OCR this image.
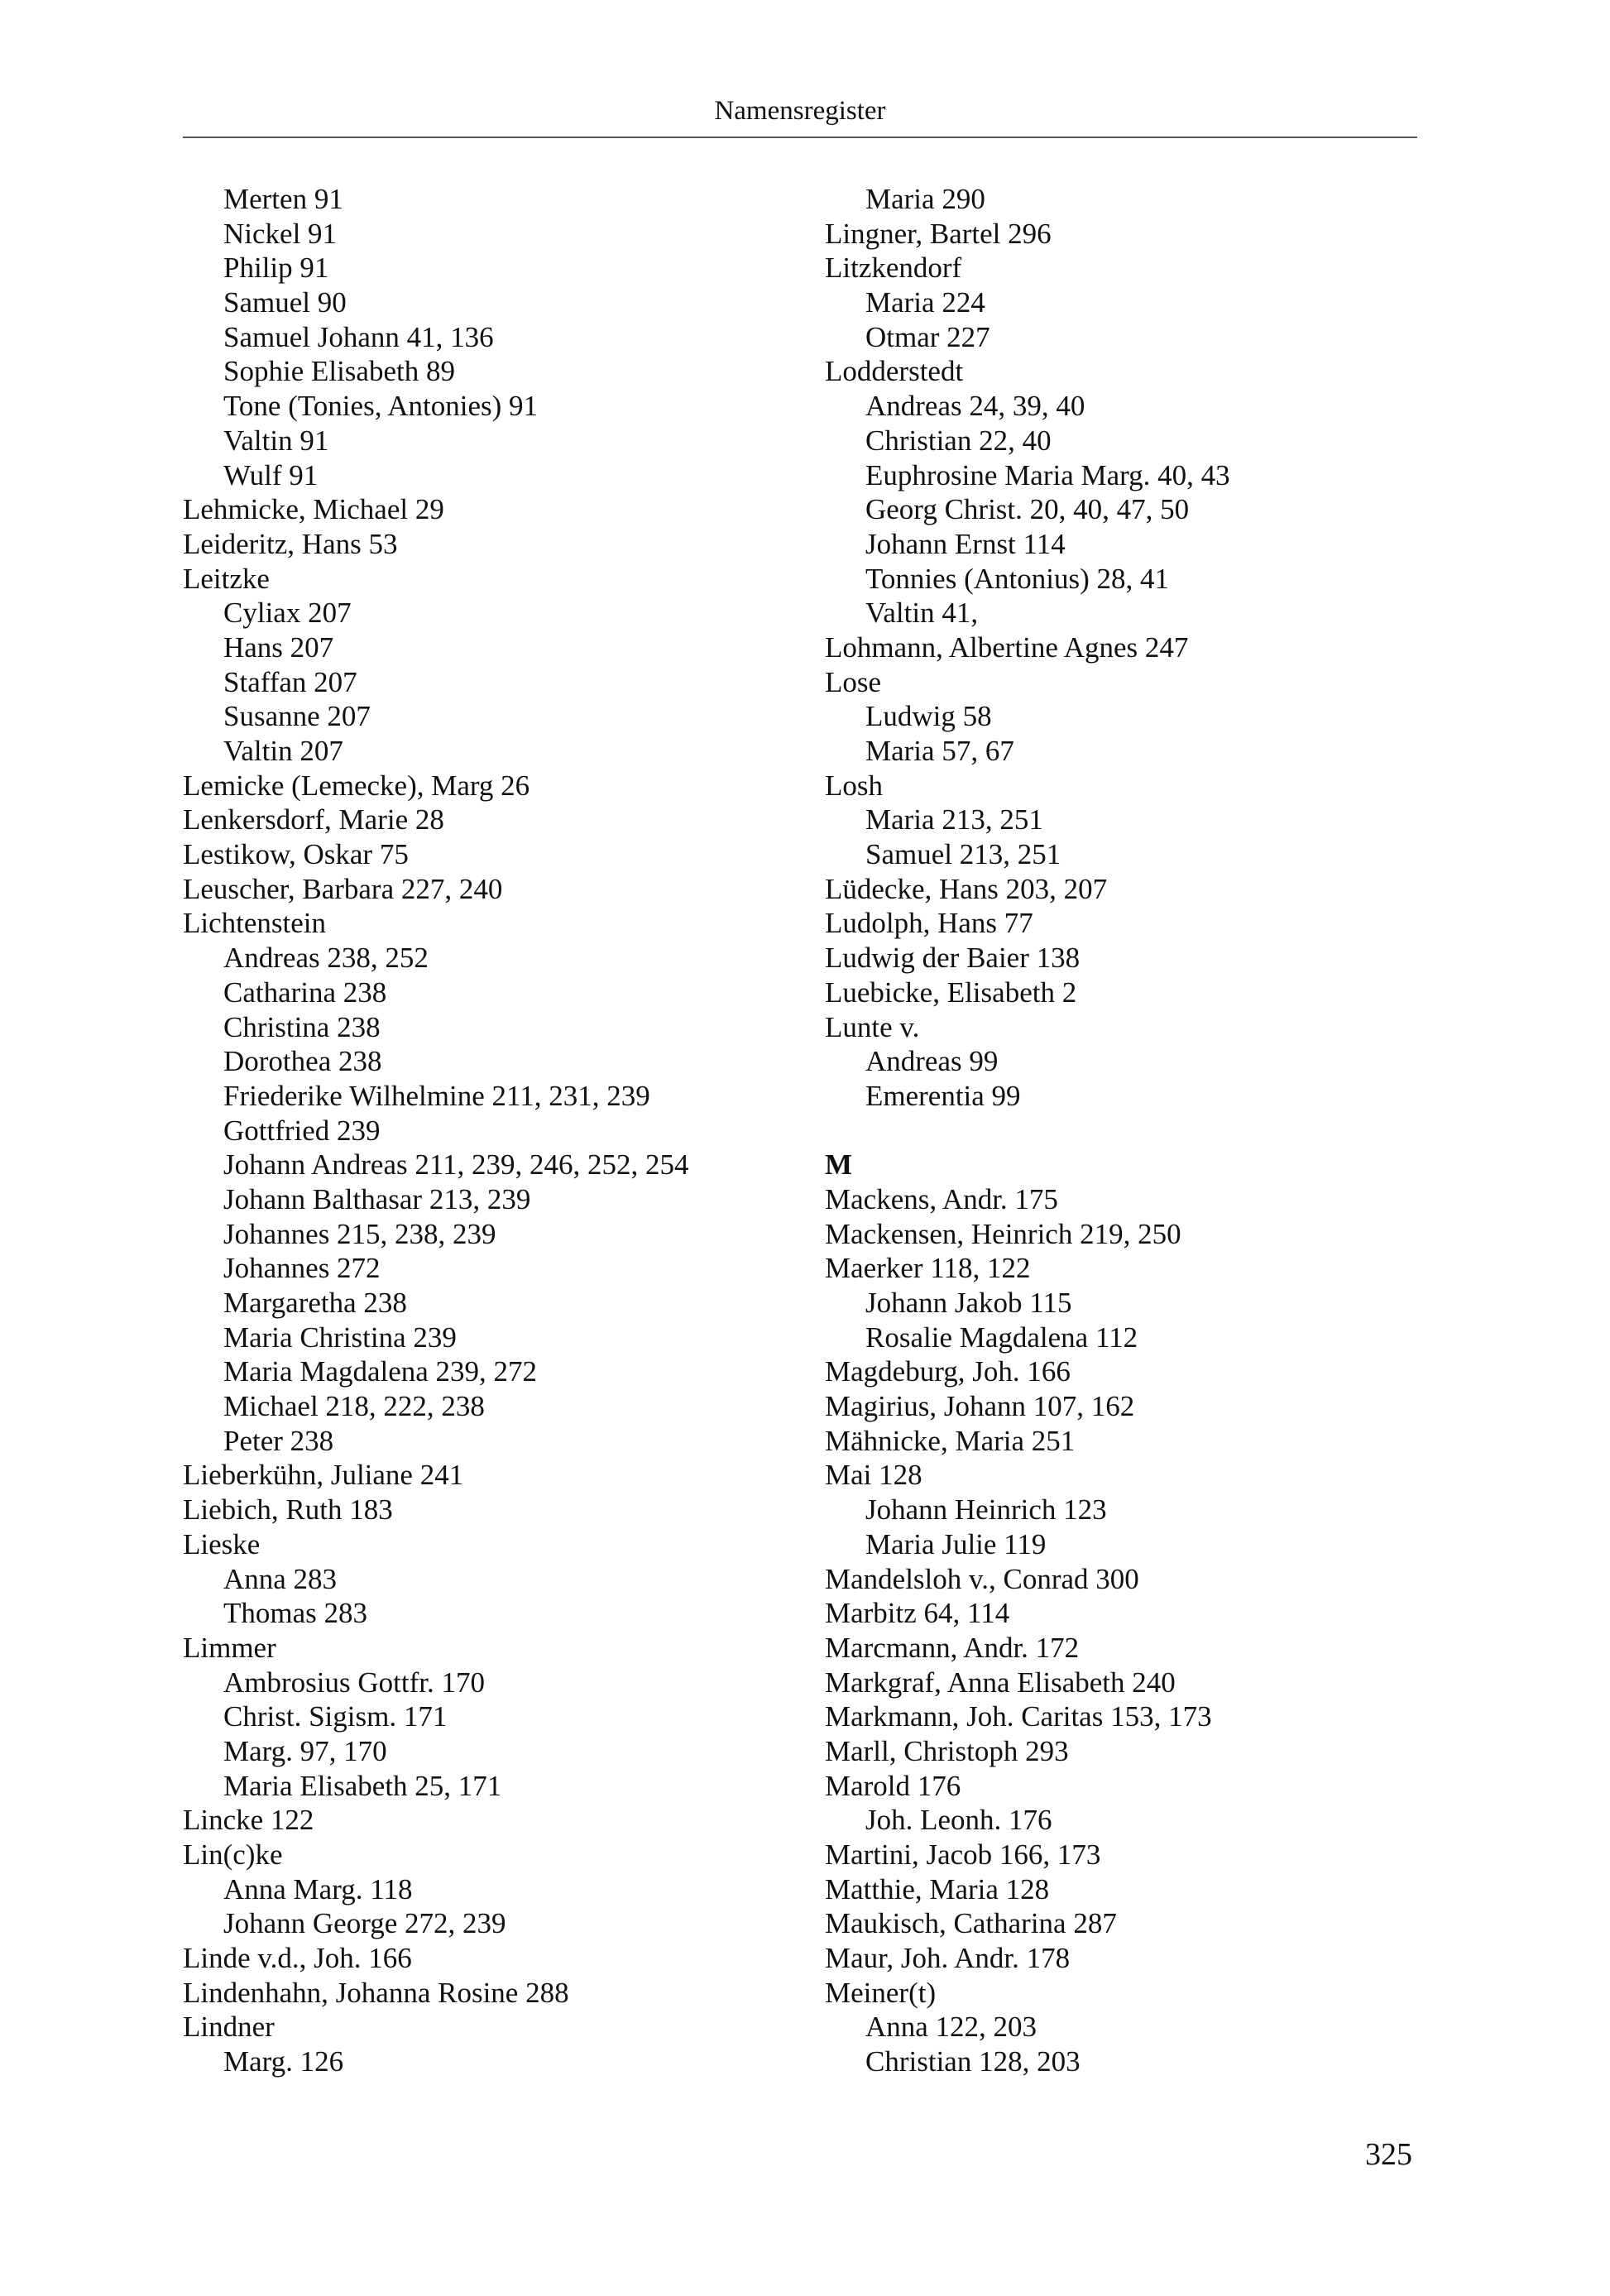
Namensregister
Merten 91
Nickel 91
Philip 91
Samuel 90
Samuel Johann 41, 136
Sophie Elisabeth 89
Tone (Tonies, Antonies) 91
Valtin 91
Wulf 91
Lehmicke, Michael 29
Leideritz, Hans 53
Leitzke
Cyliax 207
Hans 207
Staffan 207
Susanne 207
Valtin 207
Lemicke (Lemecke), Marg 26
Lenkersdorf, Marie 28
Lestikow, Oskar 75
Leuscher, Barbara 227, 240
Lichtenstein
Andreas 238, 252
Catharina 238
Christina 238
Dorothea 238
Friederike Wilhelmine 211, 231, 239
Gottfried 239
Johann Andreas 211, 239, 246, 252, 254
Johann Balthasar 213, 239
Johannes 215, 238, 239
Johannes 272
Margaretha 238
Maria Christina 239
Maria Magdalena 239, 272
Michael 218, 222, 238
Peter 238
Lieberkühn, Juliane 241
Liebich, Ruth 183
Lieske
Anna 283
Thomas 283
Limmer
Ambrosius Gottfr. 170
Christ. Sigism. 171
Marg. 97, 170
Maria Elisabeth 25, 171
Lincke 122
Lin(c)ke
Anna Marg. 118
Johann George 272, 239
Linde v.d., Joh. 166
Lindenhahn, Johanna Rosine 288
Lindner
Marg. 126
Maria 290
Lingner, Bartel 296
Litzkendorf
Maria 224
Otmar 227
Lodderstedt
Andreas 24, 39, 40
Christian 22, 40
Euphrosine Maria Marg. 40, 43
Georg Christ. 20, 40, 47, 50
Johann Ernst 114
Tonnies (Antonius) 28, 41
Valtin 41,
Lohmann, Albertine Agnes 247
Lose
Ludwig 58
Maria 57, 67
Losh
Maria 213, 251
Samuel 213, 251
Lüdecke, Hans 203, 207
Ludolph, Hans 77
Ludwig der Baier 138
Luebicke, Elisabeth 2
Lunte v.
Andreas 99
Emerentia 99
M
Mackens, Andr. 175
Mackensen, Heinrich 219, 250
Maerker 118, 122
Johann Jakob 115
Rosalie Magdalena 112
Magdeburg, Joh. 166
Magirius, Johann 107, 162
Mähnicke, Maria 251
Mai 128
Johann Heinrich 123
Maria Julie 119
Mandelsloh v., Conrad 300
Marbitz 64, 114
Marcmann, Andr. 172
Markgraf, Anna Elisabeth 240
Markmann, Joh. Caritas 153, 173
Marll, Christoph 293
Marold 176
Joh. Leonh. 176
Martini, Jacob 166, 173
Matthie, Maria 128
Maukisch, Catharina 287
Maur, Joh. Andr. 178
Meiner(t)
Anna 122, 203
Christian 128, 203
325
